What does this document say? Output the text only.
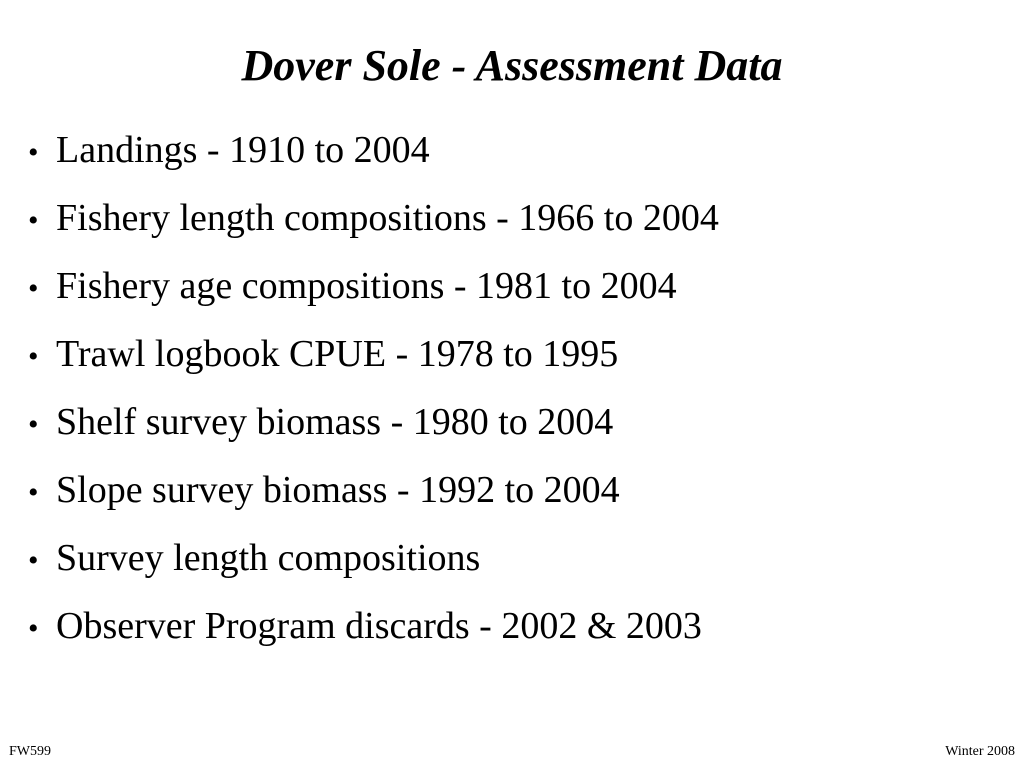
Dover Sole - Assessment Data
• Landings - 1910 to 2004
• Fishery length compositions - 1966 to 2004
• Fishery age compositions - 1981 to 2004
• Trawl logbook CPUE - 1978 to 1995
• Shelf survey biomass - 1980 to 2004
• Slope survey biomass - 1992 to 2004
• Survey length compositions
• Observer Program discards - 2002 & 2003
FW599	Winter 2008
